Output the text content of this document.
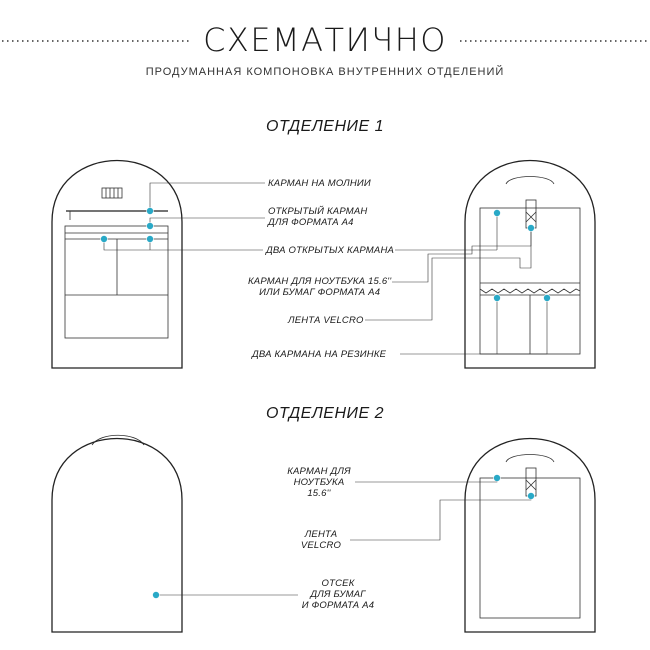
СХЕМАТИЧНО
ПРОДУМАННАЯ КОМПОНОВКА ВНУТРЕННИХ ОТДЕЛЕНИЙ
ОТДЕЛЕНИЕ 1
ОТДЕЛЕНИЕ 2
КАРМАН НА МОЛНИИ
ОТКРЫТЫЙ КАРМАН
ДЛЯ ФОРМАТА А4
ДВА ОТКРЫТЫХ КАРМАНА
КАРМАН ДЛЯ НОУТБУКА 15.6''
ИЛИ БУМАГ ФОРМАТА А4
ЛЕНТА VELCRO
ДВА КАРМАНА НА РЕЗИНКЕ
КАРМАН ДЛЯ
НОУТБУКА
15.6''
ЛЕНТА
VELCRO
ОТСЕК
ДЛЯ БУМАГ
И ФОРМАТА А4
